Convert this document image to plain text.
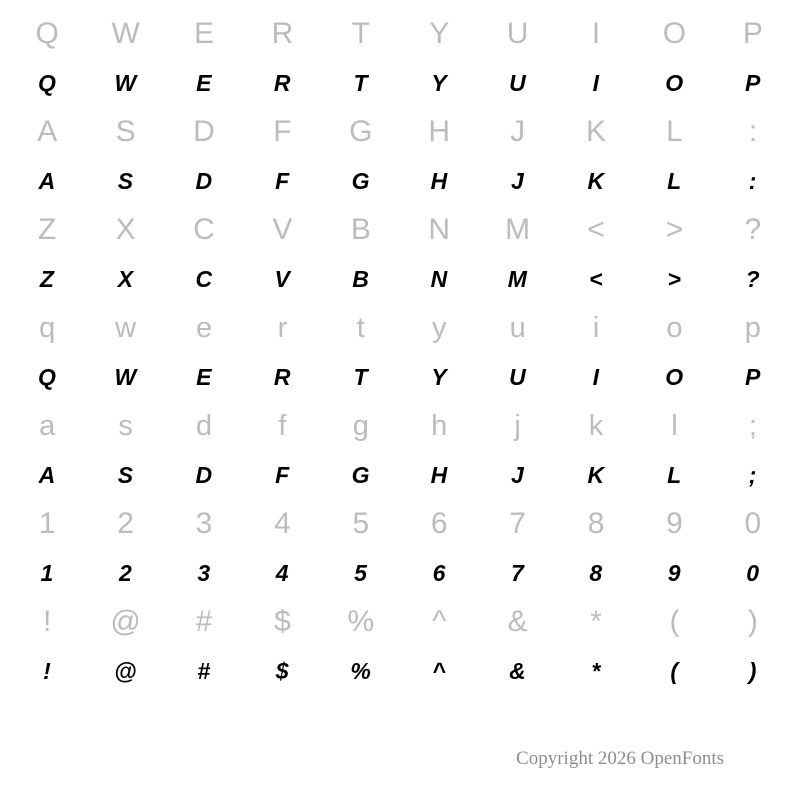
Q	W	E	R	T	Y	U	I	O	P
Q	W	E	R	T	Y	U	I	O	P
A	S	D	F	G	H	J	K	L	:
A	S	D	F	G	H	J	K	L	:
Z	X	C	V	B	N	M	<	>	?
Z	X	C	V	B	N	M	<	>	?
q	w	e	r	t	y	u	i	o	p
Q	W	E	R	T	Y	U	I	O	P
a	s	d	f	g	h	j	k	l	;
A	S	D	F	G	H	J	K	L	;
1	2	3	4	5	6	7	8	9	0
1	2	3	4	5	6	7	8	9	0
!	@	#	$	%	^	&	*	(	)
!	@	#	$	%	^	&	*	(	)
Copyright 2026 OpenFonts
